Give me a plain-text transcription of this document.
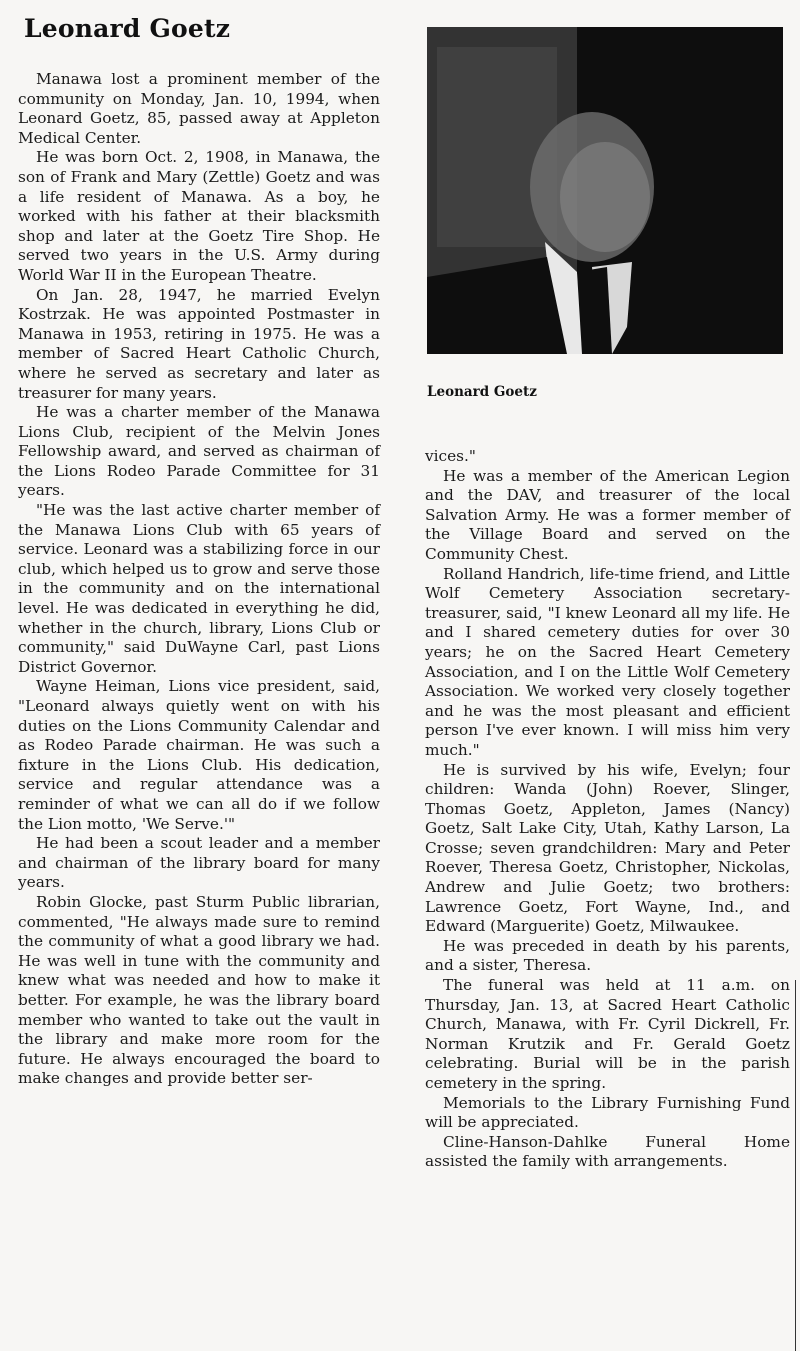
Leonard Goetz

Manawa lost a prominent member of the community on Monday, Jan. 10, 1994, when Leonard Goetz, 85, passed away at Appleton Medical Center.

He was born Oct. 2, 1908, in Manawa, the son of Frank and Mary (Zettle) Goetz and was a life resident of Manawa. As a boy, he worked with his father at their blacksmith shop and later at the Goetz Tire Shop. He served two years in the U.S. Army during World War II in the European Theatre.

On Jan. 28, 1947, he married Evelyn Kostrzak. He was appointed Postmaster in Manawa in 1953, retiring in 1975. He was a member of Sacred Heart Catholic Church, where he served as secretary and later as treasurer for many years.

He was a charter member of the Manawa Lions Club, recipient of the Melvin Jones Fellowship award, and served as chairman of the Lions Rodeo Parade Committee for 31 years.

"He was the last active charter member of the Manawa Lions Club with 65 years of service. Leonard was a stabilizing force in our club, which helped us to grow and serve those in the community and on the international level. He was dedicated in everything he did, whether in the church, library, Lions Club or community," said DuWayne Carl, past Lions District Governor.

Wayne Heiman, Lions vice president, said, "Leonard always quietly went on with his duties on the Lions Community Calendar and as Rodeo Parade chairman. He was such a fixture in the Lions Club. His dedication, service and regular attendance was a reminder of what we can all do if we follow the Lion motto, 'We Serve.'"

He had been a scout leader and a member and chairman of the library board for many years.

Robin Glocke, past Sturm Public librarian, commented, "He always made sure to remind the community of what a good library we had. He was well in tune with the community and knew what was needed and how to make it better. For example, he was the library board member who wanted to take out the vault in the library and make more room for the future. He always encouraged the board to make changes and provide better ser-

Leonard Goetz

vices."

He was a member of the American Legion and the DAV, and treasurer of the local Salvation Army. He was a former member of the Village Board and served on the Community Chest.

Rolland Handrich, life-time friend, and Little Wolf Cemetery Association secretary-treasurer, said, "I knew Leonard all my life. He and I shared cemetery duties for over 30 years; he on the Sacred Heart Cemetery Association, and I on the Little Wolf Cemetery Association. We worked very closely together and he was the most pleasant and efficient person I've ever known. I will miss him very much."

He is survived by his wife, Evelyn; four children: Wanda (John) Roever, Slinger, Thomas Goetz, Appleton, James (Nancy) Goetz, Salt Lake City, Utah, Kathy Larson, La Crosse; seven grandchildren: Mary and Peter Roever, Theresa Goetz, Christopher, Nickolas, Andrew and Julie Goetz; two brothers: Lawrence Goetz, Fort Wayne, Ind., and Edward (Marguerite) Goetz, Milwaukee.

He was preceded in death by his parents, and a sister, Theresa.

The funeral was held at 11 a.m. on Thursday, Jan. 13, at Sacred Heart Catholic Church, Manawa, with Fr. Cyril Dickrell, Fr. Norman Krutzik and Fr. Gerald Goetz celebrating. Burial will be in the parish cemetery in the spring.

Memorials to the Library Furnishing Fund will be appreciated.

Cline-Hanson-Dahlke Funeral Home assisted the family with arrangements.
